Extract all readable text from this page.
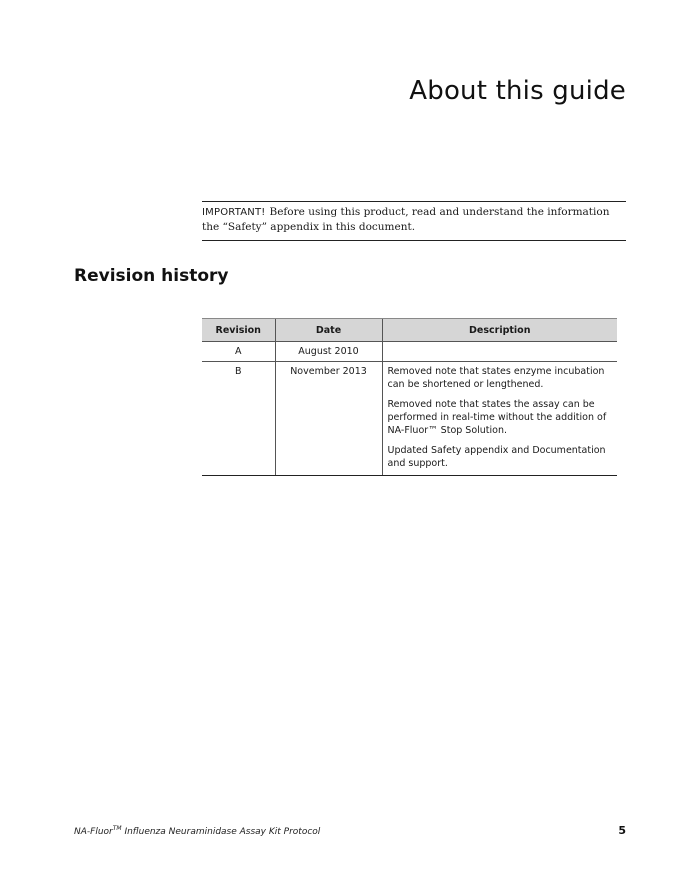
About this guide
IMPORTANT! Before using this product, read and understand the information the “Safety” appendix in this document.
Revision history
Revision	Date	Description
A	August 2010	
B	November 2013	Removed note that states enzyme incubation can be shortened or lengthened.

Removed note that states the assay can be performed in real-time without the addition of NA-Fluor™ Stop Solution.

Updated Safety appendix and Documentation and support.

NA-Fluor™ Influenza Neuraminidase Assay Kit Protocol	5
